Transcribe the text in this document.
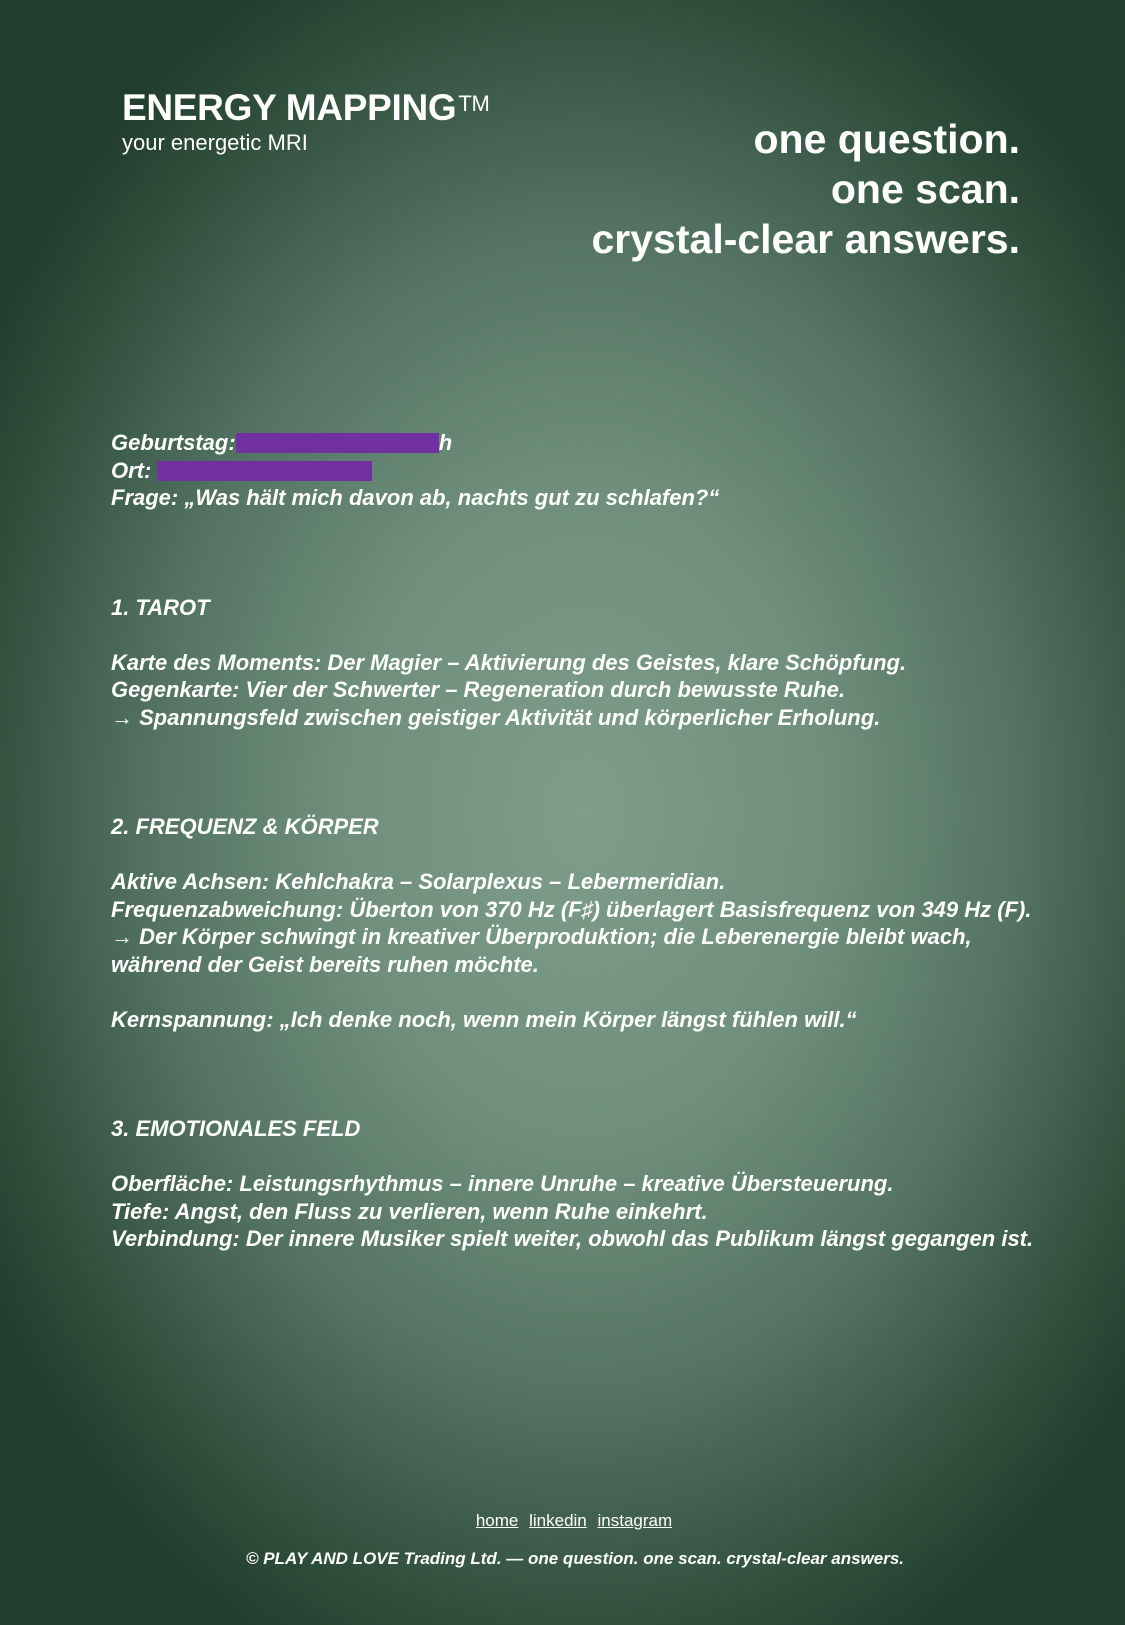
ENERGY MAPPING™
your energetic MRI	one question.
one scan.
crystal-clear answers.
Geburtstag:	h
Ort:
Frage: „Was hält mich davon ab, nachts gut zu schlafen?“
1. TAROT
Karte des Moments: Der Magier – Aktivierung des Geistes, klare Schöpfung.
Gegenkarte: Vier der Schwerter – Regeneration durch bewusste Ruhe.
→ Spannungsfeld zwischen geistiger Aktivität und körperlicher Erholung.
2. FREQUENZ & KÖRPER
Aktive Achsen: Kehlchakra – Solarplexus – Lebermeridian.
Frequenzabweichung: Überton von 370 Hz (F♯) überlagert Basisfrequenz von 349 Hz (F).
→ Der Körper schwingt in kreativer Überproduktion; die Leberenergie bleibt wach, während der Geist bereits ruhen möchte.
Kernspannung: „Ich denke noch, wenn mein Körper längst fühlen will.“
3. EMOTIONALES FELD
Oberfläche: Leistungsrhythmus – innere Unruhe – kreative Übersteuerung.
Tiefe: Angst, den Fluss zu verlieren, wenn Ruhe einkehrt.
Verbindung: Der innere Musiker spielt weiter, obwohl das Publikum längst gegangen ist.
home linkedin instagram
© PLAY AND LOVE Trading Ltd. — one question. one scan. crystal-clear answers.
